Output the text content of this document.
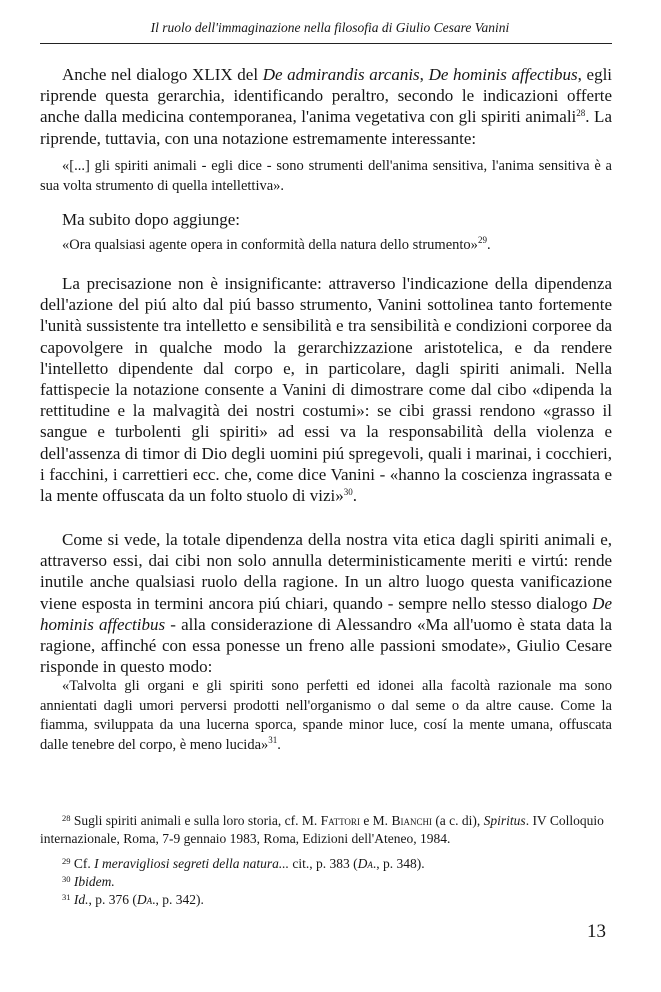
Il ruolo dell'immaginazione nella filosofia di Giulio Cesare Vanini

Anche nel dialogo XLIX del De admirandis arcanis, De hominis affectibus, egli riprende questa gerarchia, identificando peraltro, secondo le indicazioni offerte anche dalla medicina contemporanea, l'anima vegetativa con gli spiriti animali$^{28}$. La riprende, tuttavia, con una notazione estremamente interessante:

«[...] gli spiriti animali - egli dice - sono strumenti dell'anima sensitiva, l'anima sensitiva è a sua volta strumento di quella intellettiva».

Ma subito dopo aggiunge:

«Ora qualsiasi agente opera in conformità della natura dello strumento»$^{29}$.

La precisazione non è insignificante: attraverso l'indicazione della dipendenza dell'azione del piú alto dal piú basso strumento, Vanini sottolinea tanto fortemente l'unità sussistente tra intelletto e sensibilità e tra sensibilità e condizioni corporee da capovolgere in qualche modo la gerarchizzazione aristotelica, e da rendere l'intelletto dipendente dal corpo e, in particolare, dagli spiriti animali. Nella fattispecie la notazione consente a Vanini di dimostrare come dal cibo «dipenda la rettitudine e la malvagità dei nostri costumi»: se cibi grassi rendono «grasso il sangue e turbolenti gli spiriti» ad essi va la responsabilità della violenza e dell'assenza di timor di Dio degli uomini piú spregevoli, quali i marinai, i cocchieri, i facchini, i carrettieri ecc. che, come dice Vanini - «hanno la coscienza ingrassata e la mente offuscata da un folto stuolo di vizi»$^{30}$.

Come si vede, la totale dipendenza della nostra vita etica dagli spiriti animali e, attraverso essi, dai cibi non solo annulla deterministicamente meriti e virtú: rende inutile anche qualsiasi ruolo della ragione. In un altro luogo questa vanificazione viene esposta in termini ancora piú chiari, quando - sempre nello stesso dialogo De hominis affectibus - alla considerazione di Alessandro «Ma all'uomo è stata data la ragione, affinché con essa ponesse un freno alle passioni smodate», Giulio Cesare risponde in questo modo:

«Talvolta gli organi e gli spiriti sono perfetti ed idonei alla facoltà razionale ma sono annientati dagli umori perversi prodotti nell'organismo o dal seme o da altre cause. Come la fiamma, sviluppata da una lucerna sporca, spande minor luce, cosí la mente umana, offuscata dalle tenebre del corpo, è meno lucida»$^{31}$.

$^{28}$ Sugli spiriti animali e sulla loro storia, cf. M. Fattori e M. Bianchi (a c. di), Spiritus. IV Colloquio internazionale, Roma, 7-9 gennaio 1983, Roma, Edizioni dell'Ateneo, 1984.

$^{29}$ Cf. I meravigliosi segreti della natura... cit., p. 383 (Da., p. 348).

$^{30}$ Ibidem.

$^{31}$ Id., p. 376 (Da., p. 342).

13
